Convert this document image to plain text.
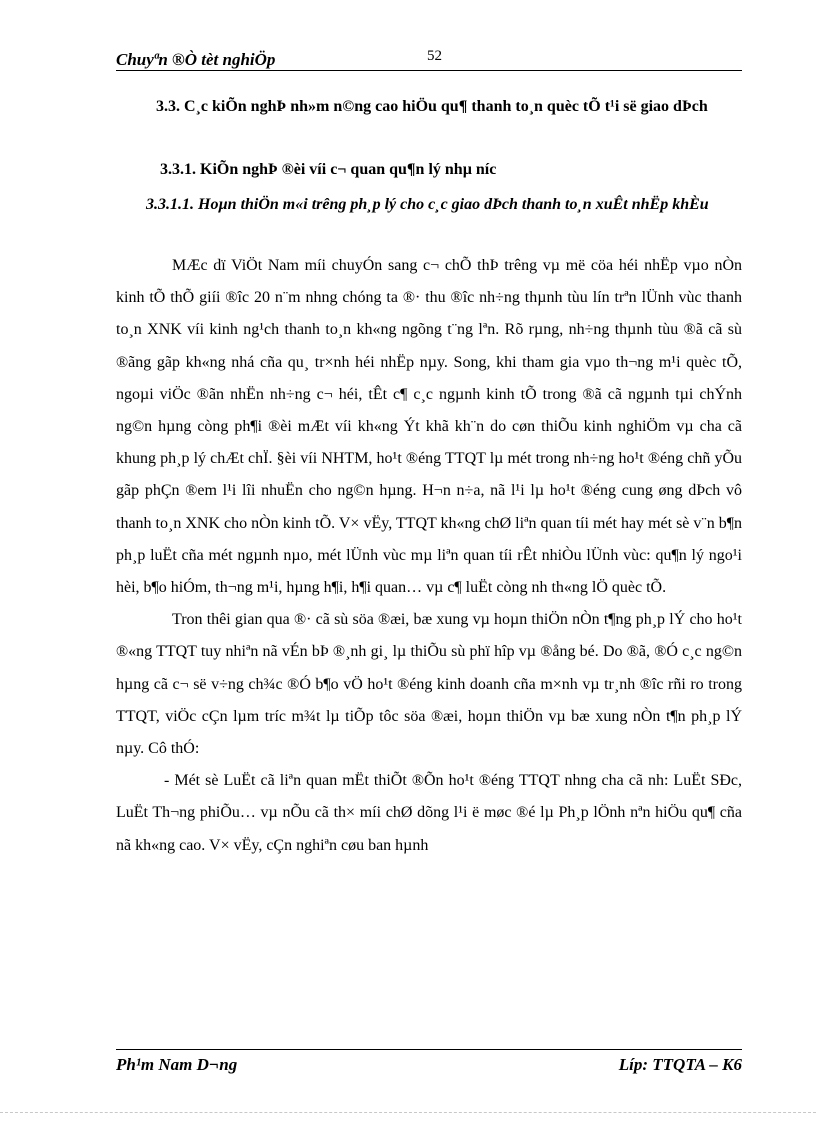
Chuyªn ®Ò tèt nghiÖp	52
3.3. C¸c kiÕn nghÞ nh»m n©ng cao hiÖu qu¶ thanh to¸n quèc tÕ t¹i së giao dÞch
3.3.1. KiÕn nghÞ ®èi víi c¬ quan qu¶n lý nhµ níc
3.3.1.1. Hoµn thiÖn m«i trêng ph¸p lý cho c¸c giao dÞch thanh to¸n xuÊt nhËp khÈu

MÆc dï ViÖt Nam míi chuyÓn sang c¬ chÕ thÞ trêng vµ më cöa héi nhËp vµo nÒn kinh tÕ thÕ giíi ®îc 20 n¨m nhng chóng ta ®· thu ®îc nh÷ng thµnh tùu lín trªn lÜnh vùc thanh to¸n XNK víi kinh ng¹ch thanh to¸n kh«ng ngõng t¨ng lªn. Rõ rµng, nh÷ng thµnh tùu ®ã cã sù ®ãng gãp kh«ng nhá cña qu¸ tr×nh héi nhËp nµy. Song, khi tham gia vµo th¬ng m¹i quèc tÕ, ngoµi viÖc ®ãn nhËn nh÷ng c¬ héi, tÊt c¶ c¸c ngµnh kinh tÕ trong ®ã cã ngµnh tµi chÝnh ng©n hµng còng ph¶i ®èi mÆt víi kh«ng Ýt khã kh¨n do cøn thiÕu kinh nghiÖm vµ cha cã khung ph¸p lý chÆt chÏ. §èi víi NHTM, ho¹t ®éng TTQT lµ mét trong nh÷ng ho¹t ®éng chñ yÕu gãp phÇn ®em l¹i lîi nhuËn cho ng©n hµng. H¬n n÷a, nã l¹i lµ ho¹t ®éng cung øng dÞch vô thanh to¸n XNK cho nÒn kinh tÕ. V× vËy, TTQT kh«ng chØ liªn quan tíi mét hay mét sè v¨n b¶n ph¸p luËt cña mét ngµnh nµo, mét lÜnh vùc mµ liªn quan tíi rÊt nhiÒu lÜnh vùc: qu¶n lý ngo¹i hèi, b¶o hiÓm, th¬ng m¹i, hµng h¶i, h¶i quan… vµ c¶ luËt còng nh th«ng lÖ quèc tÕ.

Tron thêi gian qua ®· cã sù söa ®æi, bæ xung vµ hoµn thiÖn nÒn t¶ng ph¸p lÝ cho ho¹t ®«ng TTQT tuy nhiªn nã vÉn bÞ ®¸nh gi¸ lµ thiÕu sù phï hîp vµ ®ång bé. Do ®ã, ®Ó c¸c ng©n hµng cã c¬ së v÷ng ch¾c ®Ó b¶o vÖ ho¹t ®éng kinh doanh cña m×nh vµ tr¸nh ®îc rñi ro trong TTQT, viÖc cÇn lµm tríc m¾t lµ tiÕp tôc söa ®æi, hoµn thiÖn vµ bæ xung nÒn t¶n ph¸p lÝ nµy. Cô thÓ:

- Mét sè LuËt cã liªn quan mËt thiÕt ®Õn ho¹t ®éng TTQT nhng cha cã nh: LuËt SÐc, LuËt Th¬ng phiÕu… vµ nÕu cã th× míi chØ dõng l¹i ë møc ®é lµ Ph¸p lÖnh nªn hiÖu qu¶ cña nã kh«ng cao. V× vËy, cÇn nghiªn cøu ban hµnh

Ph¹m Nam D¬ng	Líp: TTQTA – K6
